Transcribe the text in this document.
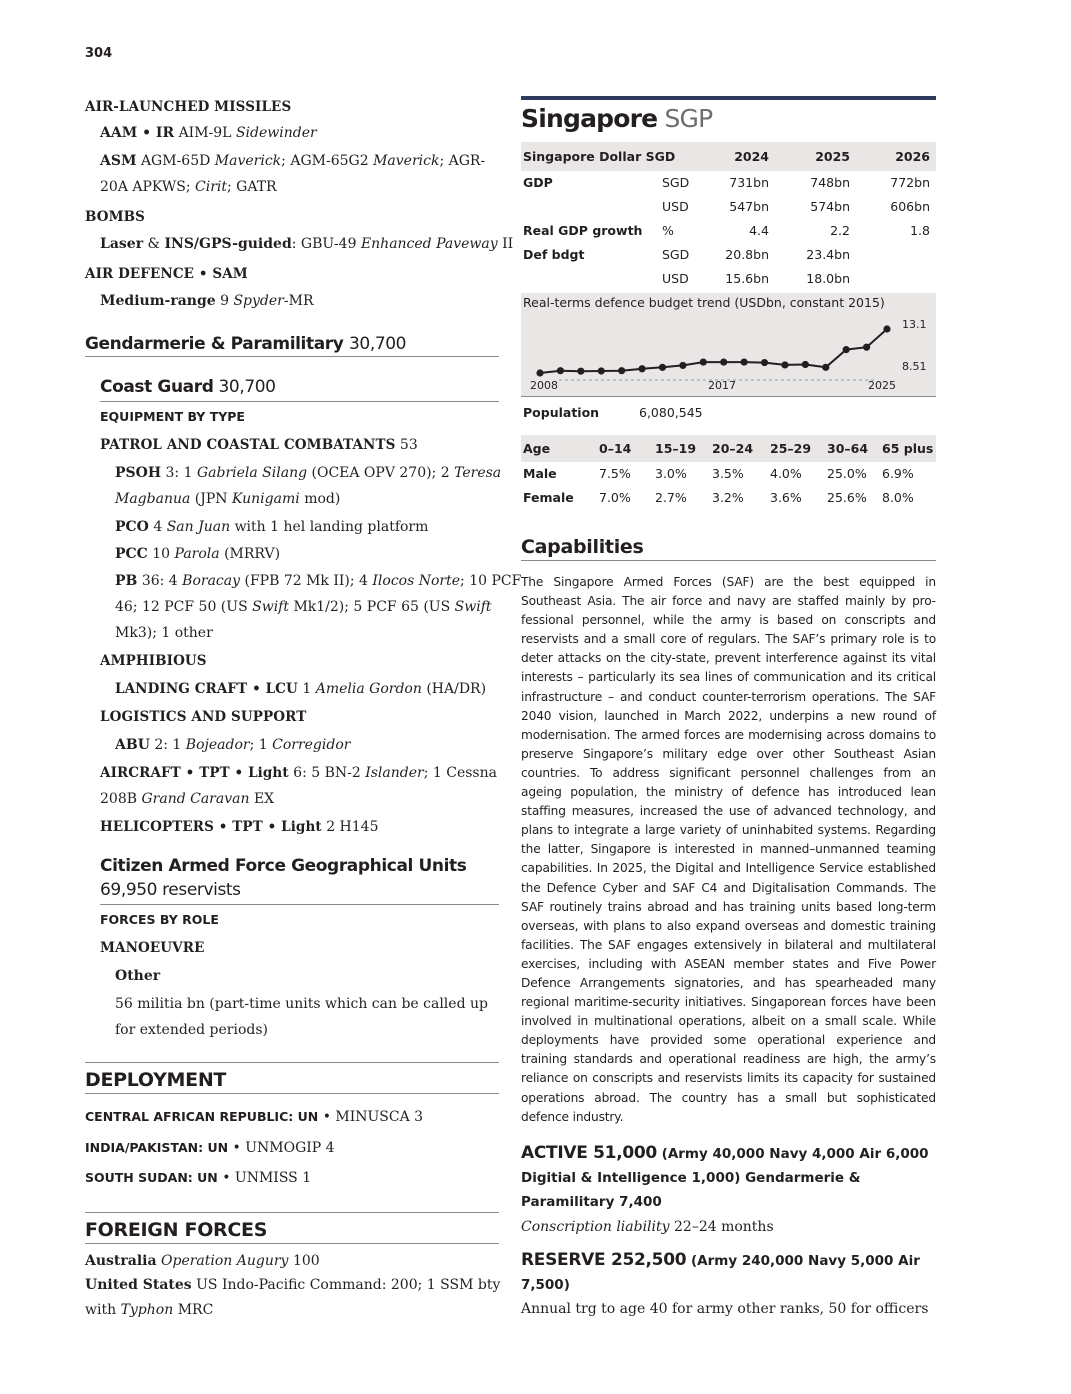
304
AIR-LAUNCHED MISSILES
AAM • IR AIM-9L Sidewinder
ASM AGM-65D Maverick; AGM-65G2 Maverick; AGR-
20A APKWS; Cirit; GATR
BOMBS
Laser & INS/GPS-guided: GBU-49 Enhanced Paveway II
AIR DEFENCE • SAM
Medium-range 9 Spyder-MR
Gendarmerie & Paramilitary 30,700
Coast Guard 30,700
EQUIPMENT BY TYPE
PATROL AND COASTAL COMBATANTS 53
PSOH 3: 1 Gabriela Silang (OCEA OPV 270); 2 Teresa
Magbanua (JPN Kunigami mod)
PCO 4 San Juan with 1 hel landing platform
PCC 10 Parola (MRRV)
PB 36: 4 Boracay (FPB 72 Mk II); 4 Ilocos Norte; 10 PCF
46; 12 PCF 50 (US Swift Mk1/2); 5 PCF 65 (US Swift
Mk3); 1 other
AMPHIBIOUS
LANDING CRAFT • LCU 1 Amelia Gordon (HA/DR)
LOGISTICS AND SUPPORT
ABU 2: 1 Bojeador; 1 Corregidor
AIRCRAFT • TPT • Light 6: 5 BN-2 Islander; 1 Cessna
208B Grand Caravan EX
HELICOPTERS • TPT • Light 2 H145
Citizen Armed Force Geographical Units
69,950 reservists
FORCES BY ROLE
MANOEUVRE
Other
56 militia bn (part-time units which can be called up
for extended periods)
DEPLOYMENT
CENTRAL AFRICAN REPUBLIC: UN • MINUSCA 3
INDIA/PAKISTAN: UN • UNMOGIP 4
SOUTH SUDAN: UN • UNMISS 1
FOREIGN FORCES
Australia Operation Augury 100
United States US Indo-Pacific Command: 200; 1 SSM bty
with Typhon MRC
Singapore SGP
Singapore Dollar SGD	2024	2025	2026
GDP	SGD	731bn	748bn	772bn
USD	547bn	574bn	606bn
Real GDP growth %	4.4	2.2	1.8
Def bdgt	SGD	20.8bn	23.4bn
USD	15.6bn	18.0bn
Real-terms defence budget trend (USDbn, constant 2015)
13.1
8.51
2008	2017	2025
Population	6,080,545
Age	0–14 15–19 20–24 25–29 30–64 65 plus
Male	7.5% 3.0% 3.5% 4.0% 25.0% 6.9%
Female 7.0% 2.7% 3.2% 3.6% 25.6% 8.0%
Capabilities
The Singapore Armed Forces (SAF) are the best equipped in Southeast Asia. The air force and navy are staffed mainly by professional personnel, while the army is based on conscripts and reservists and a small core of regulars. The SAF’s primary role is to deter attacks on the city-state, prevent interference against its vital interests – particularly its sea lines of communication and its critical infrastructure – and conduct counter-terrorism operations. The SAF 2040 vision, launched in March 2022, underpins a new round of modernisation. The armed forces are modernising across domains to preserve Singapore’s military edge over other Southeast Asian countries. To address significant personnel challenges from an ageing population, the ministry of defence has introduced lean staffing measures, increased the use of advanced technology, and plans to integrate a large variety of uninhabited systems. Regarding the latter, Singapore is interested in manned–unmanned teaming capabilities. In 2025, the Digital and Intelligence Service established the Defence Cyber and SAF C4 and Digitalisation Commands. The SAF routinely trains abroad and has training units based long-term overseas, with plans to also expand overseas and domestic training facilities. The SAF engages extensively in bilateral and multilateral exercises, including with ASEAN member states and Five Power Defence Arrangements signatories, and has spearheaded many regional maritime-security initiatives. Singaporean forces have been involved in multinational operations, albeit on a small scale. While deployments have provided some operational experience and training standards and operational readiness are high, the army’s reliance on conscripts and reservists limits its capacity for sustained operations abroad. The country has a small but sophisticated defence industry.
ACTIVE 51,000 (Army 40,000 Navy 4,000 Air 6,000 Digitial & Intelligence 1,000) Gendarmerie & Paramilitary 7,400
Conscription liability 22–24 months
RESERVE 252,500 (Army 240,000 Navy 5,000 Air 7,500)
Annual trg to age 40 for army other ranks, 50 for officers
